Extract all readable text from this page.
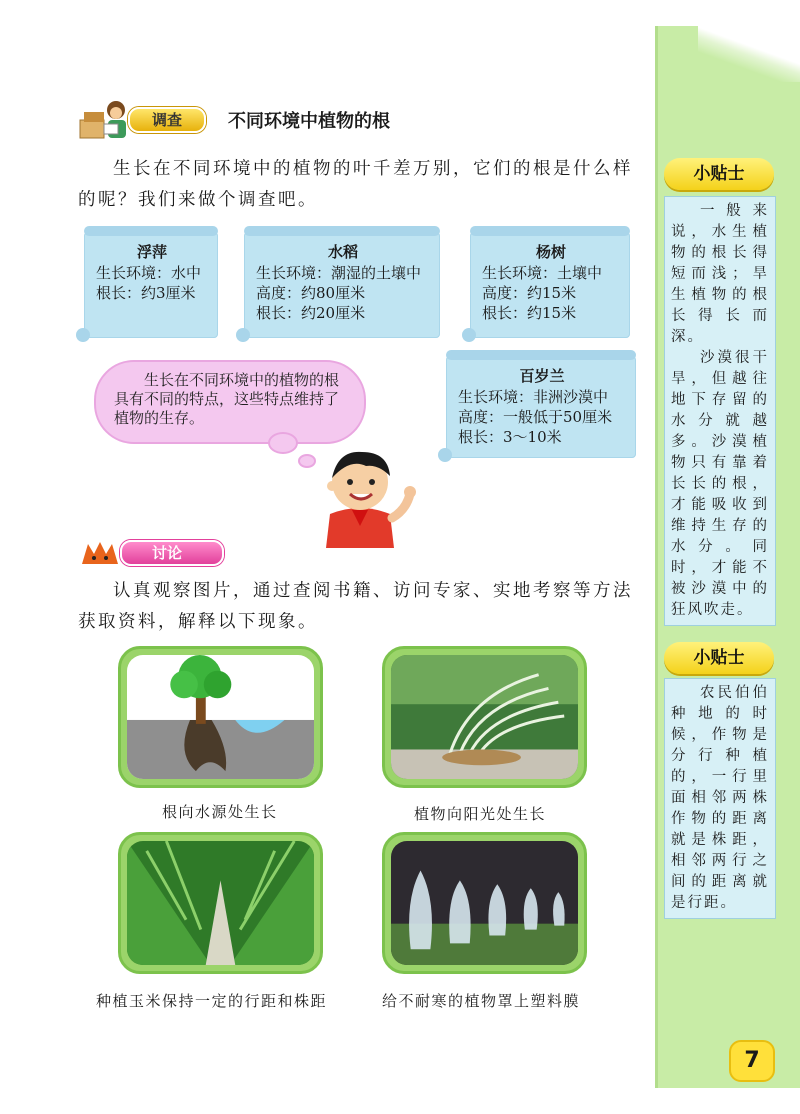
小贴士

一般来说，水生植物的根长得短而浅；旱生植物的根长得长而深。

沙漠很干旱，但越往地下存留的水分就越多。沙漠植物只有靠着长长的根，才能吸收到维持生存的水分。同时，才能不被沙漠中的狂风吹走。

小贴士

农民伯伯种地的时候，作物是分行种植的，一行里面相邻两株作物的距离就是株距，相邻两行之间的距离就是行距。

调查	不同环境中植物的根

生长在不同环境中的植物的叶千差万别，它们的根是什么样的呢？我们来做个调查吧。

浮萍
生长环境：水中
根长：约3厘米
水稻
生长环境：潮湿的土壤中
高度：约80厘米
根长：约20厘米
杨树
生长环境：土壤中
高度：约15米
根长：约15米
百岁兰
生长环境：非洲沙漠中
高度：一般低于50厘米
根长：3～10米

生长在不同环境中的植物的根具有不同的特点，这些特点维持了植物的生存。

讨论

认真观察图片，通过查阅书籍、访问专家、实地考察等方法获取资料，解释以下现象。

根向水源处生长	植物向阳光处生长
种植玉米保持一定的行距和株距	给不耐寒的植物罩上塑料膜
7
